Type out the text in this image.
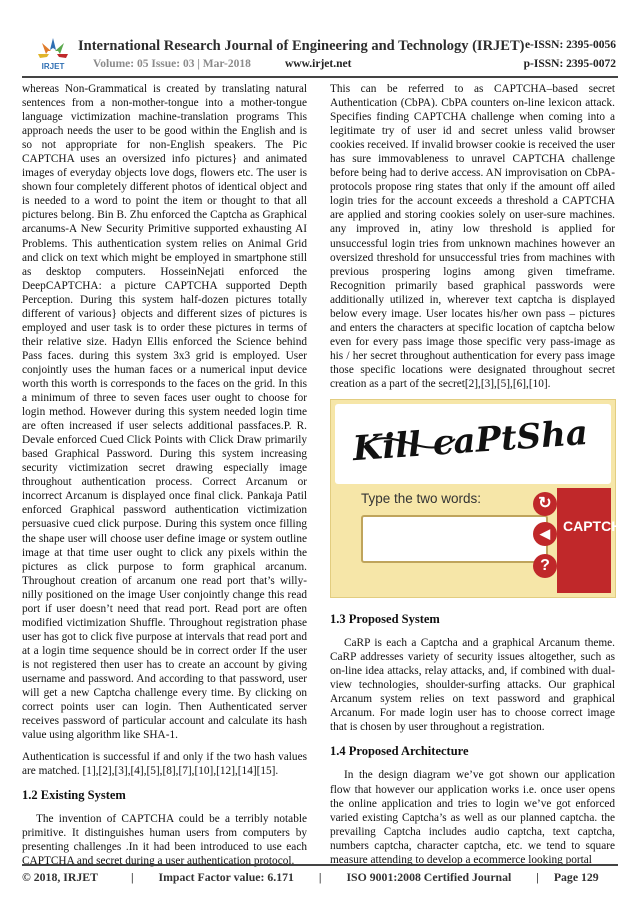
IRJET
International Research Journal of Engineering and Technology (IRJET) e-ISSN: 2395-0056
Volume: 05 Issue: 03 | Mar-2018	www.irjet.net	p-ISSN: 2395-0072

whereas Non-Grammatical is created by translating natural sentences from a non-mother-tongue into a mother-tongue language victimization machine-translation programs This approach needs the user to be good within the English and is so not appropriate for non-English speakers. The Pic CAPTCHA uses an oversized info pictures} and animated images of everyday objects love dogs, flowers etc. The user is shown four completely different photos of identical object and is needed to a word to point the item or thought to that all pictures belong. Bin B. Zhu enforced the Captcha as Graphical arcanums-A New Security Primitive supported exhausting AI Problems. This authentication system relies on Animal Grid and click on text which might be employed in smartphone still as desktop computers. HosseinNejati enforced the DeepCAPTCHA: a picture CAPTCHA supported Depth Perception. During this system half-dozen pictures totally different of various} objects and different sizes of pictures is employed and user task is to order these pictures in terms of their relative size. Hadyn Ellis enforced the Science behind Pass faces. during this system 3x3 grid is employed. User conjointly uses the human faces or a numerical input device worth this worth is corresponds to the faces on the grid. In this a minimum of three to seven faces user ought to choose for login method. However during this system needed login time are often increased if user selects additional passfaces.P. R. Devale enforced Cued Click Points with Click Draw primarily based Graphical Password. During this system increasing security victimization secret drawing especially image throughout authentication process. Correct Arcanum or incorrect Arcanum is displayed once final click. Pankaja Patil enforced Graphical password authentication victimization persuasive cued click purpose. During this system once filling the shape user will choose user define image or system outline image at that time user ought to click any pixels within the pictures as click purpose to form graphical arcanum. Throughout creation of arcanum one read port that’s willy-nilly positioned on the image User conjointly change this read port if user doesn’t need that read port. Read port are often modified victimization Shuffle. Throughout registration phase user has got to click five purpose at intervals that read port and at a login time sequence should be in correct order If the user is not registered then user has to create an account by giving username and password. And according to that password, user will get a new Captcha challenge every time. By clicking on correct points user can login. Then Authenticated server receives password of particular account and calculate its hash value using algorithm like SHA-1.

Authentication is successful if and only if the two hash values are matched. [1],[2],[3],[4],[5],[8],[7],[10],[12],[14][15].

1.2 Existing System

The invention of CAPTCHA could be a terribly notable primitive. It distinguishes human users from computers by presenting challenges .In it had been introduced to use each CAPTCHA and secret during a user authentication protocol.

This can be referred to as CAPTCHA–based secret Authentication (CbPA). CbPA counters on-line lexicon attack. Specifies finding CAPTCHA challenge when coming into a legitimate try of user id and secret unless valid browser cookies received. If invalid browser cookie is received the user has sure immovableness to unravel CAPTCHA challenge before being had to derive access. AN improvisation on CbPA-protocols propose ring states that only if the amount off ailed login tries for the account exceeds a threshold a CAPTCHA are applied and storing cookies solely on user-sure machines. any improved in, atiny low threshold is applied for unsuccessful login tries from unknown machines however an oversized threshold for unsuccessful tries from machines with previous prospering logins among given timeframe. Recognition primarily based graphical passwords were additionally utilized in, wherever text captcha is displayed below every image. User locates his/her own pass – pictures and enters the characters at specific location of captcha below even for every pass image those specific very pass-image as his / her secret throughout authentication for every pass image those specific locations were designated throughout secret creation as a part of the secret[2],[3],[5],[6],[10].

Kill caPtSha
Type the two words:	↻
◀
?
CAPTCHA
1.3 Proposed System

CaRP is each a Captcha and a graphical Arcanum theme. CaRP addresses variety of security issues altogether, such as on-line idea attacks, relay attacks, and, if combined with dual-view technologies, shoulder-surfing attacks. Our graphical Arcanum system relies on text password and graphical Arcanum. For made login user has to choose correct image that is chosen by user throughout a registration.

1.4 Proposed Architecture

In the design diagram we’ve got shown our application flow that however our application works i.e. once user opens the online application and tries to login we’ve got enforced varied existing Captcha’s as well as our planned captcha. the prevailing Captcha includes audio captcha, text captcha, numbers captcha, character captcha, etc. we tend to square measure attending to develop a ecommerce looking portal

© 2018, IRJET	| Impact Factor value: 6.171 | ISO 9001:2008 Certified Journal | Page 129
